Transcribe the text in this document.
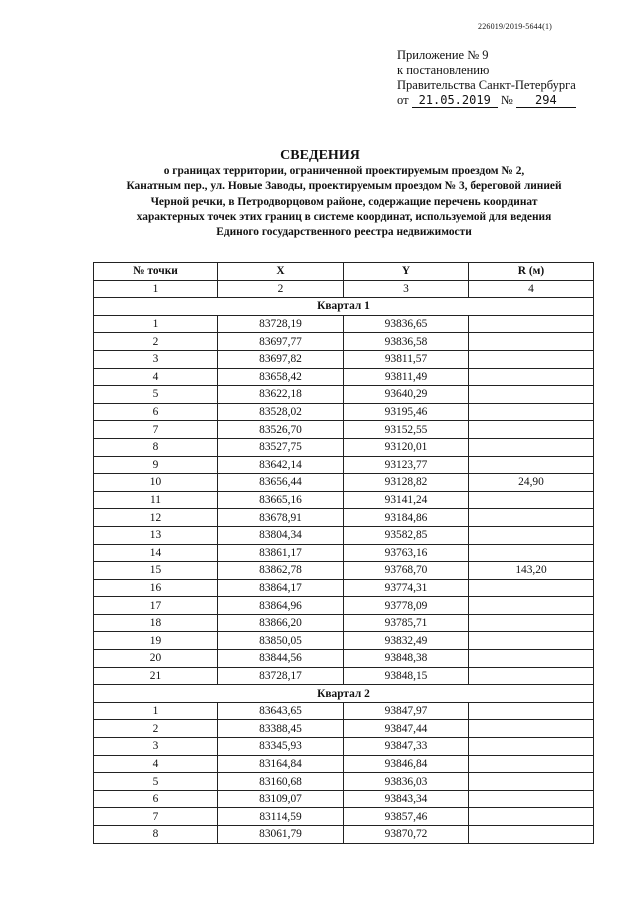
226019/2019-5644(1)
Приложение № 9
к постановлению
Правительства Санкт-Петербурга
от 21.05.2019 № 294
СВЕДЕНИЯ
о границах территории, ограниченной проектируемым проездом № 2,
Канатным пер., ул. Новые Заводы, проектируемым проездом № 3, береговой линией
Черной речки, в Петродворцовом районе, содержащие перечень координат
характерных точек этих границ в системе координат, используемой для ведения
Единого государственного реестра недвижимости
№ точки	X	Y	R (м)
1	2	3	4
Квартал 1			
1	83728,19	93836,65	
2	83697,77	93836,58	
3	83697,82	93811,57	
4	83658,42	93811,49	
5	83622,18	93640,29	
6	83528,02	93195,46	
7	83526,70	93152,55	
8	83527,75	93120,01	
9	83642,14	93123,77	
10	83656,44	93128,82	24,90
11	83665,16	93141,24	
12	83678,91	93184,86	
13	83804,34	93582,85	
14	83861,17	93763,16	
15	83862,78	93768,70	143,20
16	83864,17	93774,31	
17	83864,96	93778,09	
18	83866,20	93785,71	
19	83850,05	93832,49	
20	83844,56	93848,38	
21	83728,17	93848,15	
Квартал 2			
1	83643,65	93847,97	
2	83388,45	93847,44	
3	83345,93	93847,33	
4	83164,84	93846,84	
5	83160,68	93836,03	
6	83109,07	93843,34	
7	83114,59	93857,46	
8	83061,79	93870,72	
